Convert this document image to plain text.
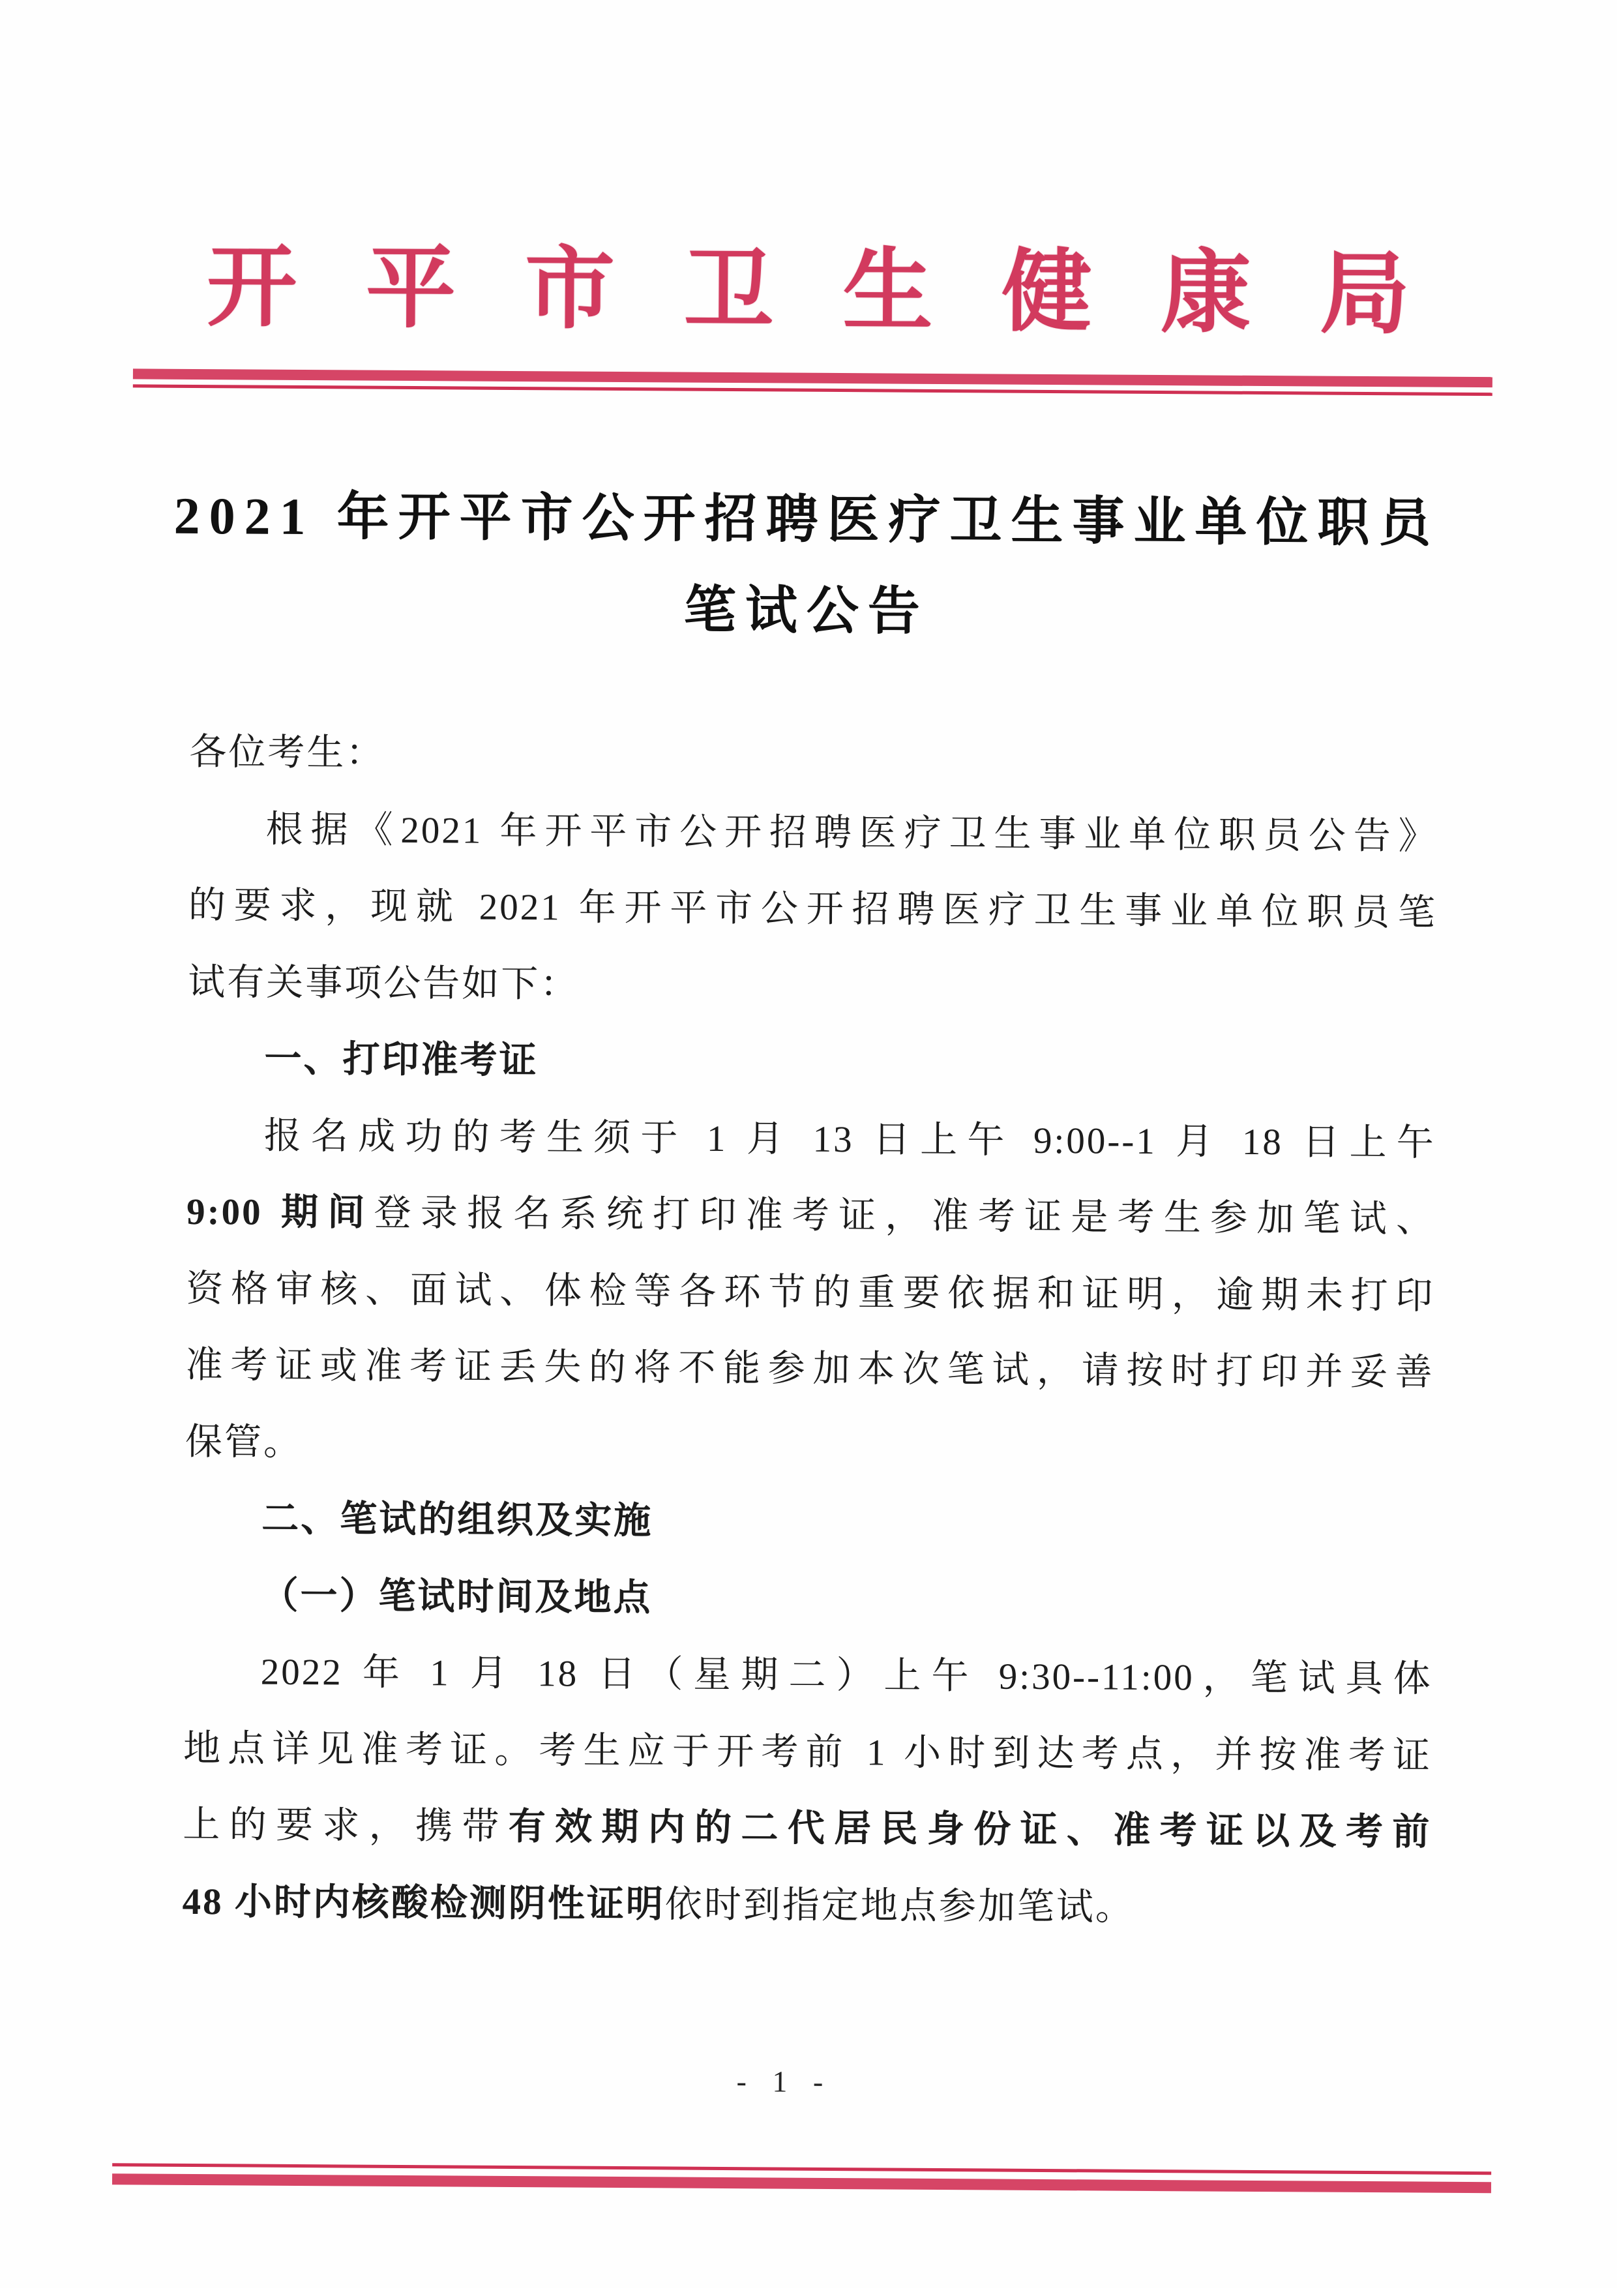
开 平 市 卫 生 健 康 局
2021 年开平市公开招聘医疗卫生事业单位职员
笔试公告
各位考生：
根据《2021 年开平市公开招聘医疗卫生事业单位职员公告》
的要求，现就 2021 年开平市公开招聘医疗卫生事业单位职员笔
试有关事项公告如下：
一、打印准考证
报名成功的考生须于 1 月 13 日上午 9:00--1 月 18 日上午
9:00 期间登录报名系统打印准考证，准考证是考生参加笔试、
资格审核、面试、体检等各环节的重要依据和证明，逾期未打印
准考证或准考证丢失的将不能参加本次笔试，请按时打印并妥善
保管。
二、笔试的组织及实施
（一）笔试时间及地点
2022 年 1 月 18 日（星期二）上午 9:30--11:00，笔试具体
地点详见准考证。考生应于开考前 1 小时到达考点，并按准考证
上的要求，携带有效期内的二代居民身份证、准考证以及考前
48 小时内核酸检测阴性证明依时到指定地点参加笔试。
- 1 -
